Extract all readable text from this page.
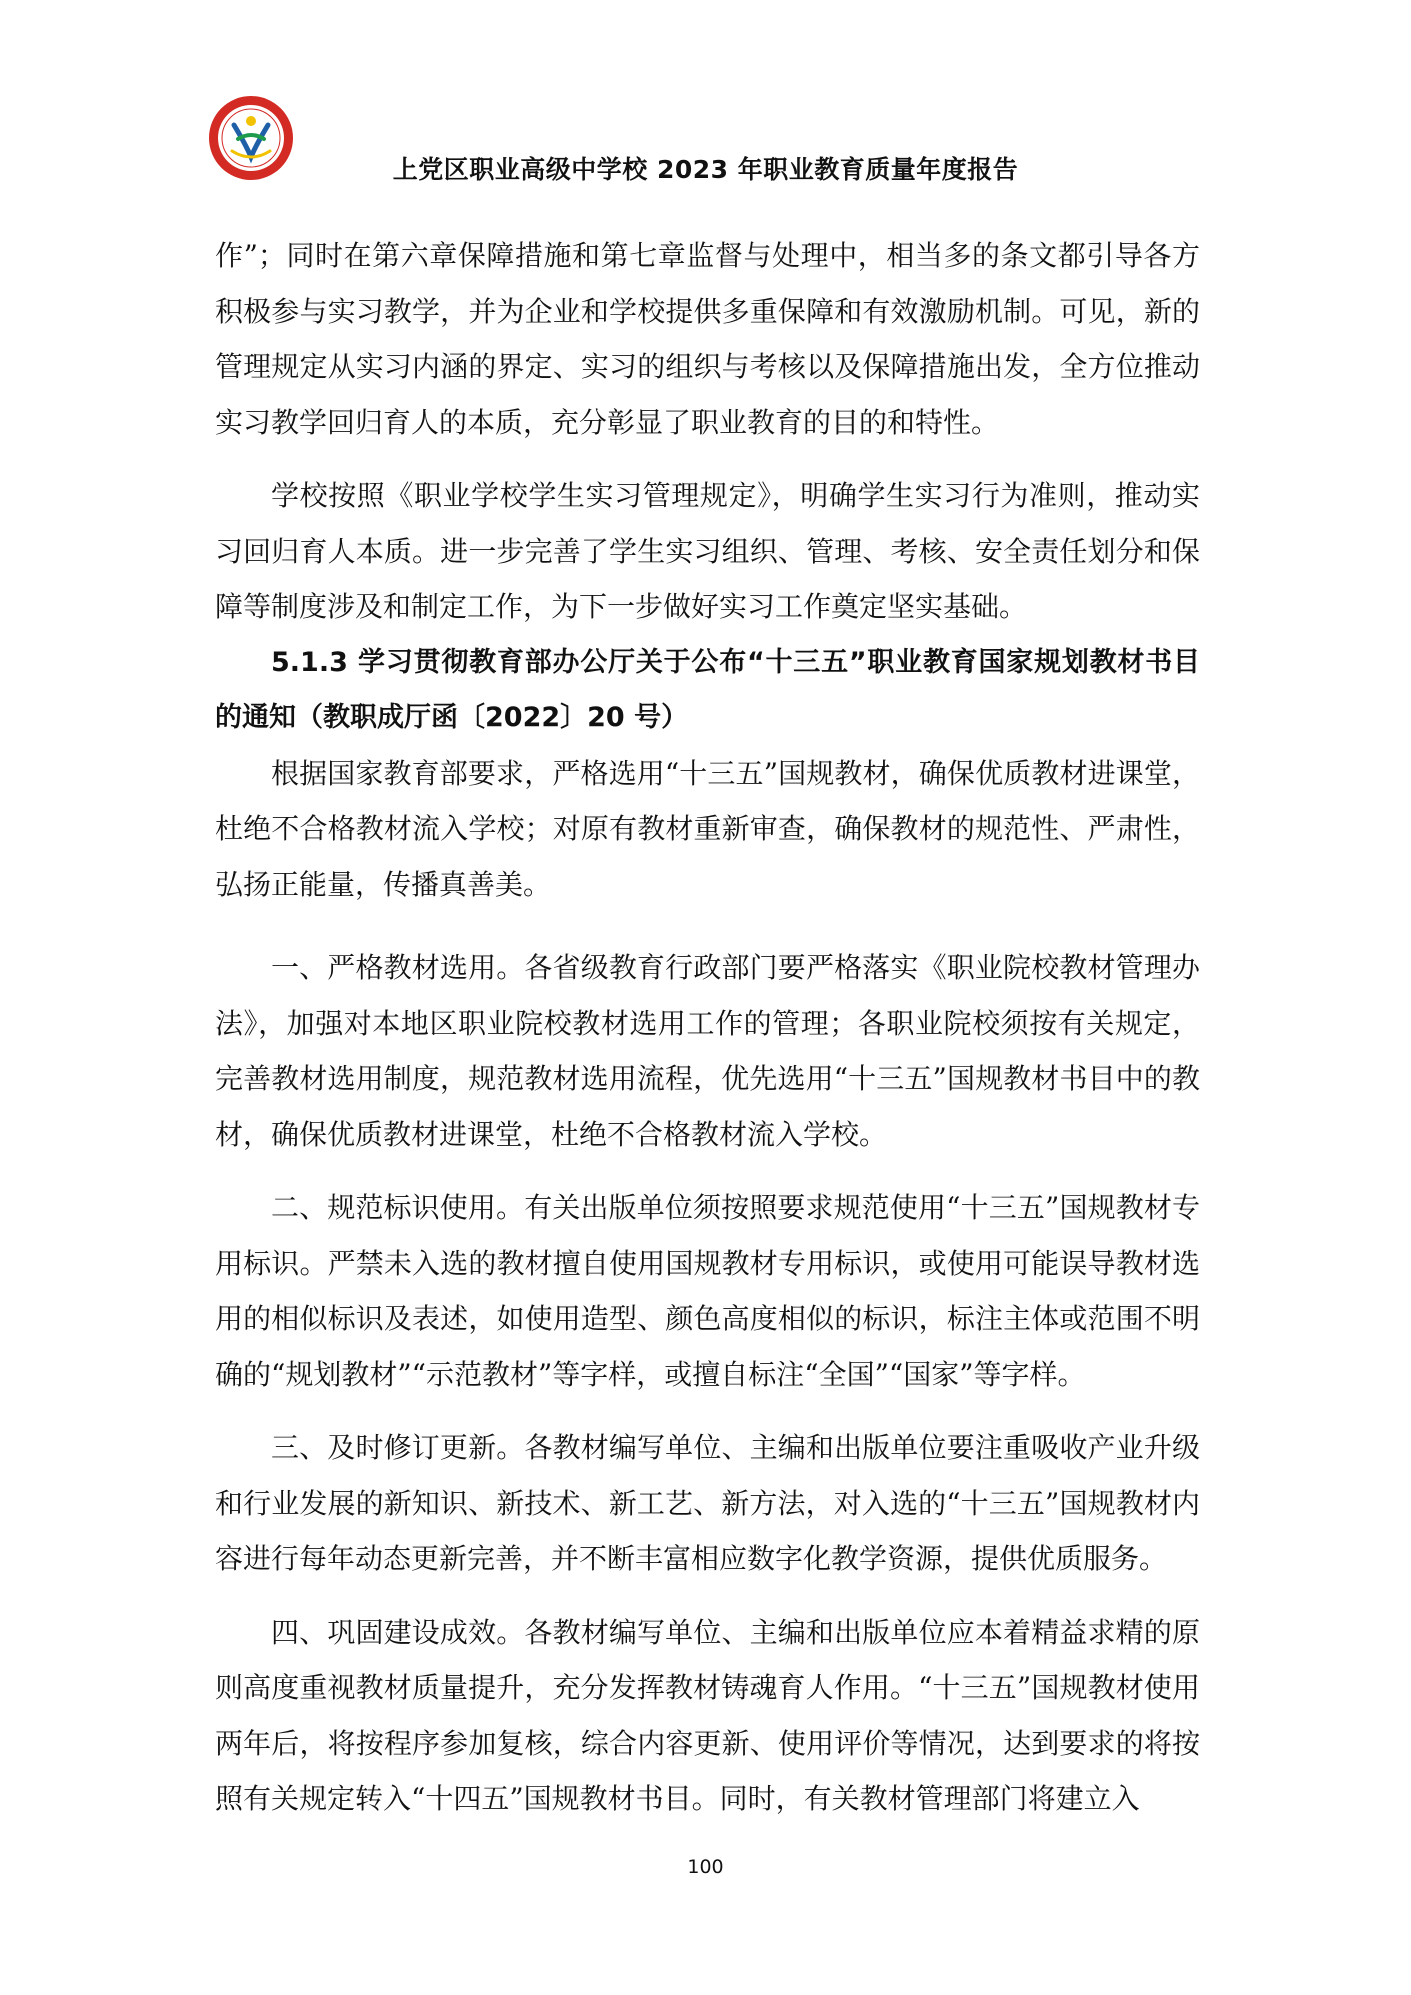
上党区职业高级中学校 2023 年职业教育质量年度报告

作”；同时在第六章保障措施和第七章监督与处理中，相当多的条文都引导各方积极参与实习教学，并为企业和学校提供多重保障和有效激励机制。可见，新的管理规定从实习内涵的界定、实习的组织与考核以及保障措施出发，全方位推动实习教学回归育人的本质，充分彰显了职业教育的目的和特性。

学校按照《职业学校学生实习管理规定》，明确学生实习行为准则，推动实习回归育人本质。进一步完善了学生实习组织、管理、考核、安全责任划分和保障等制度涉及和制定工作，为下一步做好实习工作奠定坚实基础。

5.1.3 学习贯彻教育部办公厅关于公布“十三五”职业教育国家规划教材书目的通知（教职成厅函〔2022〕20 号）

根据国家教育部要求，严格选用“十三五”国规教材，确保优质教材进课堂，杜绝不合格教材流入学校；对原有教材重新审查，确保教材的规范性、严肃性，弘扬正能量，传播真善美。

一、严格教材选用。各省级教育行政部门要严格落实《职业院校教材管理办法》，加强对本地区职业院校教材选用工作的管理；各职业院校须按有关规定，完善教材选用制度，规范教材选用流程，优先选用“十三五”国规教材书目中的教材，确保优质教材进课堂，杜绝不合格教材流入学校。

二、规范标识使用。有关出版单位须按照要求规范使用“十三五”国规教材专用标识。严禁未入选的教材擅自使用国规教材专用标识，或使用可能误导教材选用的相似标识及表述，如使用造型、颜色高度相似的标识，标注主体或范围不明确的“规划教材”“示范教材”等字样，或擅自标注“全国”“国家”等字样。

三、及时修订更新。各教材编写单位、主编和出版单位要注重吸收产业升级和行业发展的新知识、新技术、新工艺、新方法，对入选的“十三五”国规教材内容进行每年动态更新完善，并不断丰富相应数字化教学资源，提供优质服务。

四、巩固建设成效。各教材编写单位、主编和出版单位应本着精益求精的原则高度重视教材质量提升，充分发挥教材铸魂育人作用。“十三五”国规教材使用两年后，将按程序参加复核，综合内容更新、使用评价等情况，达到要求的将按照有关规定转入“十四五”国规教材书目。同时，有关教材管理部门将建立入

100
